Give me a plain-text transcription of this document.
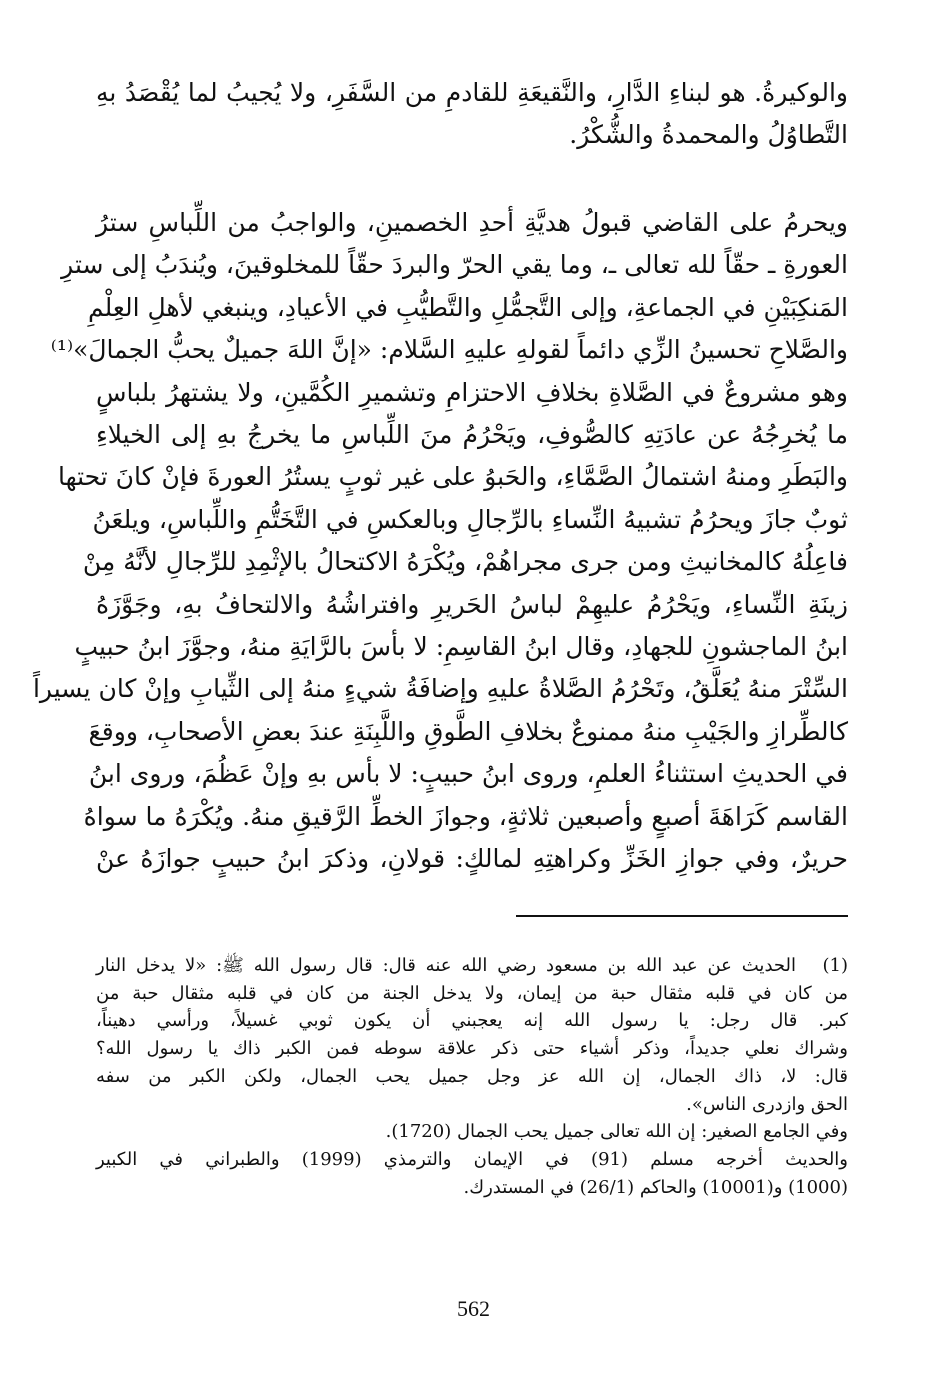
والوكيرةُ. هو لبناءِ الدَّارِ، والنَّقيعَةِ للقادمِ من السَّفَرِ، ولا يُجيبُ لما يُقْصَدُ بهِ
التَّطاوُلُ والمحمدةُ والشُّكْرُ.
ويحرمُ على القاضي قبولُ هديَّةِ أحدِ الخصمينِ، والواجبُ من اللِّباسِ سترُ
العورةِ ـ حقّاً لله تعالى ـ، وما يقي الحرّ والبردَ حقّاً للمخلوقينَ، ويُندَبُ إلى سترِ
المَنكِبَيْنِ في الجماعةِ، وإلى التَّجمُّلِ والتَّطيُّبِ في الأعيادِ، وينبغي لأهلِ العِلْمِ
والصَّلاحِ تحسينُ الزِّي دائماً لقولهِ عليهِ السَّلام: «إنَّ اللهَ جميلٌ يحبُّ الجمالَ»⁽¹⁾
وهو مشروعٌ في الصَّلاةِ بخلافِ الاحتزامِ وتشميرِ الكُمَّينِ، ولا يشتهرُ بلباسٍ
ما يُخرِجُهُ عن عادَتِهِ كالصُّوفِ، ويَحْرُمُ منَ اللِّباسِ ما يخرجُ بهِ إلى الخيلاءِ
والبَطَرِ ومنهُ اشتمالُ الصَّمَّاءِ، والحَبوُ على غير ثوبٍ يستُرُ العورةَ فإنْ كانَ تحتها
ثوبٌ جازَ ويحرُمُ تشبيهُ النِّساءِ بالرِّجالِ وبالعكسِ في التَّخَتُّمِ واللِّباسِ، ويلعَنُ
فاعِلُهُ كالمخانيثِ ومن جرى مجراهُمْ، ويُكْرَهُ الاكتحالُ بالإثْمِدِ للرِّجالِ لأنَّهُ مِنْ
زينَةِ النِّساءِ، ويَحْرُمُ عليهِمْ لباسُ الحَريرِ وافتراشُهُ والالتحافُ بهِ، وجَوَّزَهُ
ابنُ الماجشونِ للجهادِ، وقال ابنُ القاسِمِ: لا بأسَ بالرَّايَةِ منهُ، وجوَّزَ ابنُ حبيبٍ
السِّتْرَ منهُ يُعَلَّقُ، وتَحْرُمُ الصَّلاةُ عليهِ وإضافَةُ شيءٍ منهُ إلى الثِّيابِ وإنْ كان يسيراً
كالطِّرازِ والجَيْبِ منهُ ممنوعٌ بخلافِ الطَّوقِ واللَّبِنَةِ عندَ بعضِ الأصحابِ، ووقعَ
في الحديثِ استثناءُ العلمِ، وروى ابنُ حبيبٍ: لا بأس بهِ وإنْ عَظُمَ، وروى ابنُ
القاسم كَرَاهَةَ أصبعٍ وأصبعين ثلاثةٍ، وجوازَ الخطِّ الرَّقيقِ منهُ. ويُكْرَهُ ما سواهُ
حريرٌ، وفي جوازِ الخَزِّ وكراهتِهِ لمالكٍ: قولانِ، وذكرَ ابنُ حبيبٍ جوازَهُ عنْ
(1)
الحديث عن عبد الله بن مسعود رضي الله عنه قال: قال رسول الله ﷺ: «لا يدخل النار
من كان في قلبه مثقال حبة من إيمان، ولا يدخل الجنة من كان في قلبه مثقال حبة من
كبر. قال رجل: يا رسول الله إنه يعجبني أن يكون ثوبي غسيلاً، ورأسي دهيناً،
وشراك نعلي جديداً، وذكر أشياء حتى ذكر علاقة سوطه فمن الكبر ذاك يا رسول الله؟
قال: لا، ذاك الجمال، إن الله عز وجل جميل يحب الجمال، ولكن الكبر من سفه
الحق وازدرى الناس».
وفي الجامع الصغير: إن الله تعالى جميل يحب الجمال (1720).
والحديث أخرجه مسلم (91) في الإيمان والترمذي (1999) والطبراني في الكبير
(1000) و(10001) والحاكم (26/1) في المستدرك.
562
